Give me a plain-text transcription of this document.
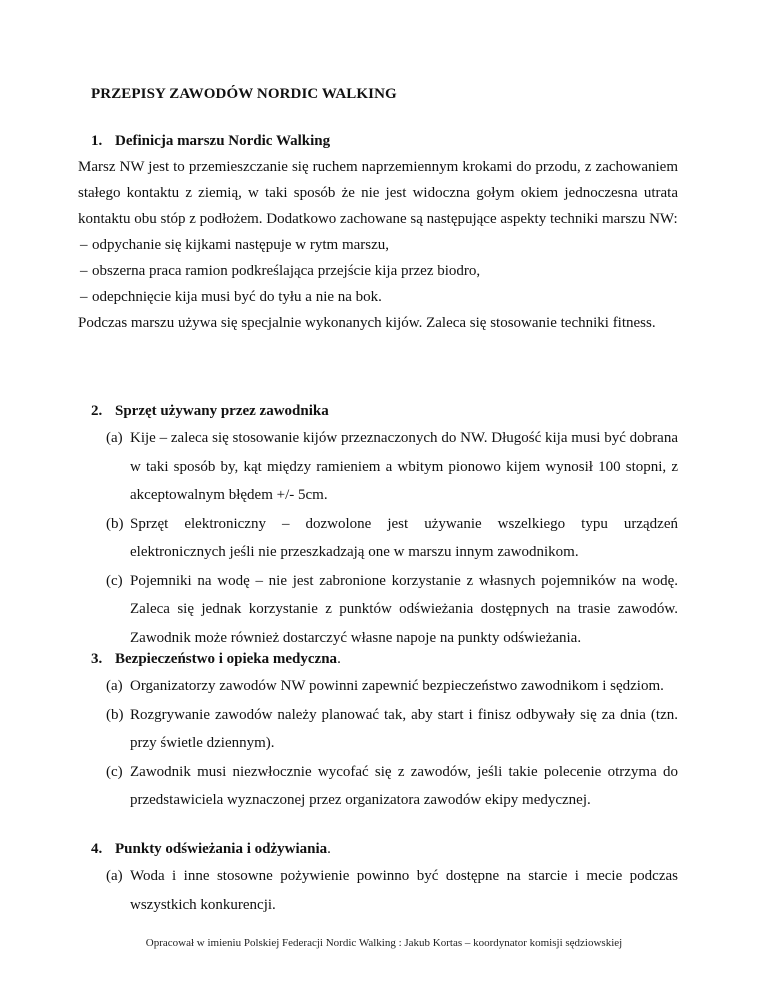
PRZEPISY ZAWODÓW NORDIC WALKING
1. Definicja marszu Nordic Walking

Marsz NW jest to przemieszczanie się ruchem naprzemiennym krokami do przodu, z zachowaniem stałego kontaktu z ziemią, w taki sposób że nie jest widoczna gołym okiem jednoczesna utrata kontaktu obu stóp z podłożem. Dodatkowo zachowane są następujące aspekty techniki marszu NW:

– odpychanie się kijkami następuje w rytm marszu,
– obszerna praca ramion podkreślająca przejście kija przez biodro,
– odepchnięcie kija musi być do tyłu a nie na bok.

Podczas marszu używa się specjalnie wykonanych kijów. Zaleca się stosowanie techniki fitness.

2. Sprzęt używany przez zawodnika
(a) Kije – zaleca się stosowanie kijów przeznaczonych do NW. Długość kija musi być dobrana w taki sposób by, kąt między ramieniem a wbitym pionowo kijem wynosił 100 stopni, z akceptowalnym błędem +/- 5cm.
(b) Sprzęt elektroniczny – dozwolone jest używanie wszelkiego typu urządzeń elektronicznych jeśli nie przeszkadzają one w marszu innym zawodnikom.
(c) Pojemniki na wodę – nie jest zabronione korzystanie z własnych pojemników na wodę. Zaleca się jednak korzystanie z punktów odświeżania dostępnych na trasie zawodów. Zawodnik może również dostarczyć własne napoje na punkty odświeżania.
3. Bezpieczeństwo i opieka medyczna.
(a) Organizatorzy zawodów NW powinni zapewnić bezpieczeństwo zawodnikom i sędziom.
(b) Rozgrywanie zawodów należy planować tak, aby start i finisz odbywały się za dnia (tzn. przy świetle dziennym).
(c) Zawodnik musi niezwłocznie wycofać się z zawodów, jeśli takie polecenie otrzyma do przedstawiciela wyznaczonej przez organizatora zawodów ekipy medycznej.
4. Punkty odświeżania i odżywiania.
(a) Woda i inne stosowne pożywienie powinno być dostępne na starcie i mecie podczas wszystkich konkurencji.
Opracował w imieniu Polskiej Federacji Nordic Walking : Jakub Kortas – koordynator komisji sędziowskiej
